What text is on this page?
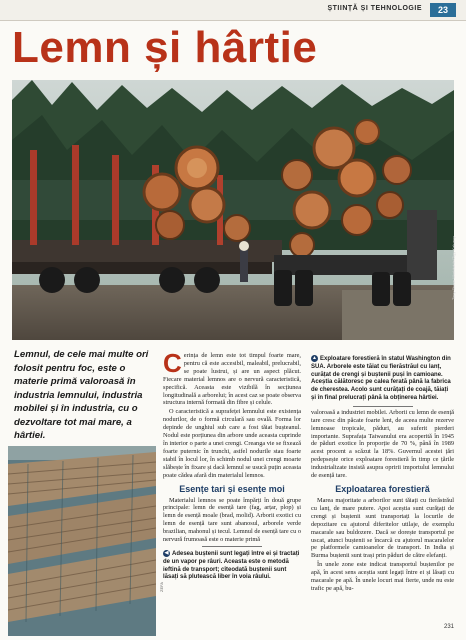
ȘTIINȚĂ ȘI TEHNOLOGIE	23
Lemn și hârtie
Tony Stone Worldwide/Zigy Kaluzny

Lemnul, de cele mai multe ori folosit pentru foc, este o materie primă valoroasă în industria lemnului, industria mobilei și în industria, cu o dezvoltare tot mai mare, a hârtiei.

ZEFA

Cerința de lemn este tot timpul foarte mare, pentru că este accesibil, maleabil, prelucrabil, se poate lustrui, și are un aspect plăcut. Fiecare material lemnos are o nervură caracteristică, specifică. Aceasta este vizibilă în secțiunea longitudinală a arborelui; în acest caz se poate observa structura internă formată din fibre și celule.

O caracteristică a suprafeței lemnului este existența nodurilor, de o formă circulară sau ovală. Forma lor depinde de unghiul sub care a fost tăiat bușteanul. Nodul este porțiunea din arbore unde aceasta cuprinde în interior o parte a unei crengi. Creanga vie se fixează foarte puternic în trunchi, astfel nodurile stau foarte stabil în locul lor, în schimb nodul unei crengi moarte slăbește în fixare și dacă lemnul se usucă puțin aceasta poate cădea afară din materialul lemnos.

Esențe tari și esențe moi

Materialul lemnos se poate împărți în două grupe principale: lemn de esență tare (fag, arțar, plop) și lemn de esență moale (brad, molid). Arborii exotici cu lemn de esență tare sunt abanosul, arborele verde brazilian, mahonul și tecul. Lemnul de esență tare cu o nervură frumoasă este o materie primă

◀ Adesea buștenii sunt legați între ei și tractați de un vapor pe râuri. Aceasta este o metodă ieftină de transport; cîteodată buștenii sunt lăsați să plutească liber în voia râului.
▲ Exploatare forestieră în statul Washington din SUA. Arborele este tăiat cu fierăstrăul cu lanț, curățat de crengi și buștenii puși în camioane. Aceștia călătoresc pe calea ferată până la fabrica de cherestea. Acolo sunt curățați de coajă, tăiați și în final prelucrați până la obținerea hârtiei.

valoroasă a industriei mobilei. Arborii cu lemn de esență tare cresc din păcate foarte lent, de aceea multe rezerve lemnoase tropicale, păduri, au suferit pierderi importante. Suprafața Taiwanului era acoperită în 1945 de păduri exotice în proporție de 70 %, până în 1989 acest procent a scăzut la 18%. Guvernul acestei țări pedepsește orice exploatare forestieră în timp ce țările industrializate insistă asupra opririi importului lemnului de esență tare.

Exploatarea forestieră

Marea majoritate a arborilor sunt tăiați cu fierăstrăul cu lanț, de mare putere. Apoi aceștia sunt curățați de crengi și buștenii sunt transportați la locurile de depozitare cu ajutorul diferitelor utilaje, de exemplu macarale sau buldozere. Dacă se dorește transportul pe uscat, atunci buștenii se încarcă cu ajutorul macaralelor pe platformele camioanelor de transport. In India și Burma buștenii sunt trași prin păduri de către elefanți.

În unele zone este indicat transportul buștenilor pe apă, în acest sens aceștia sunt legați între ei și lăsați cu macarale pe apă. În unele locuri mai fierte, unde nu este trafic pe apă, bu-

231
